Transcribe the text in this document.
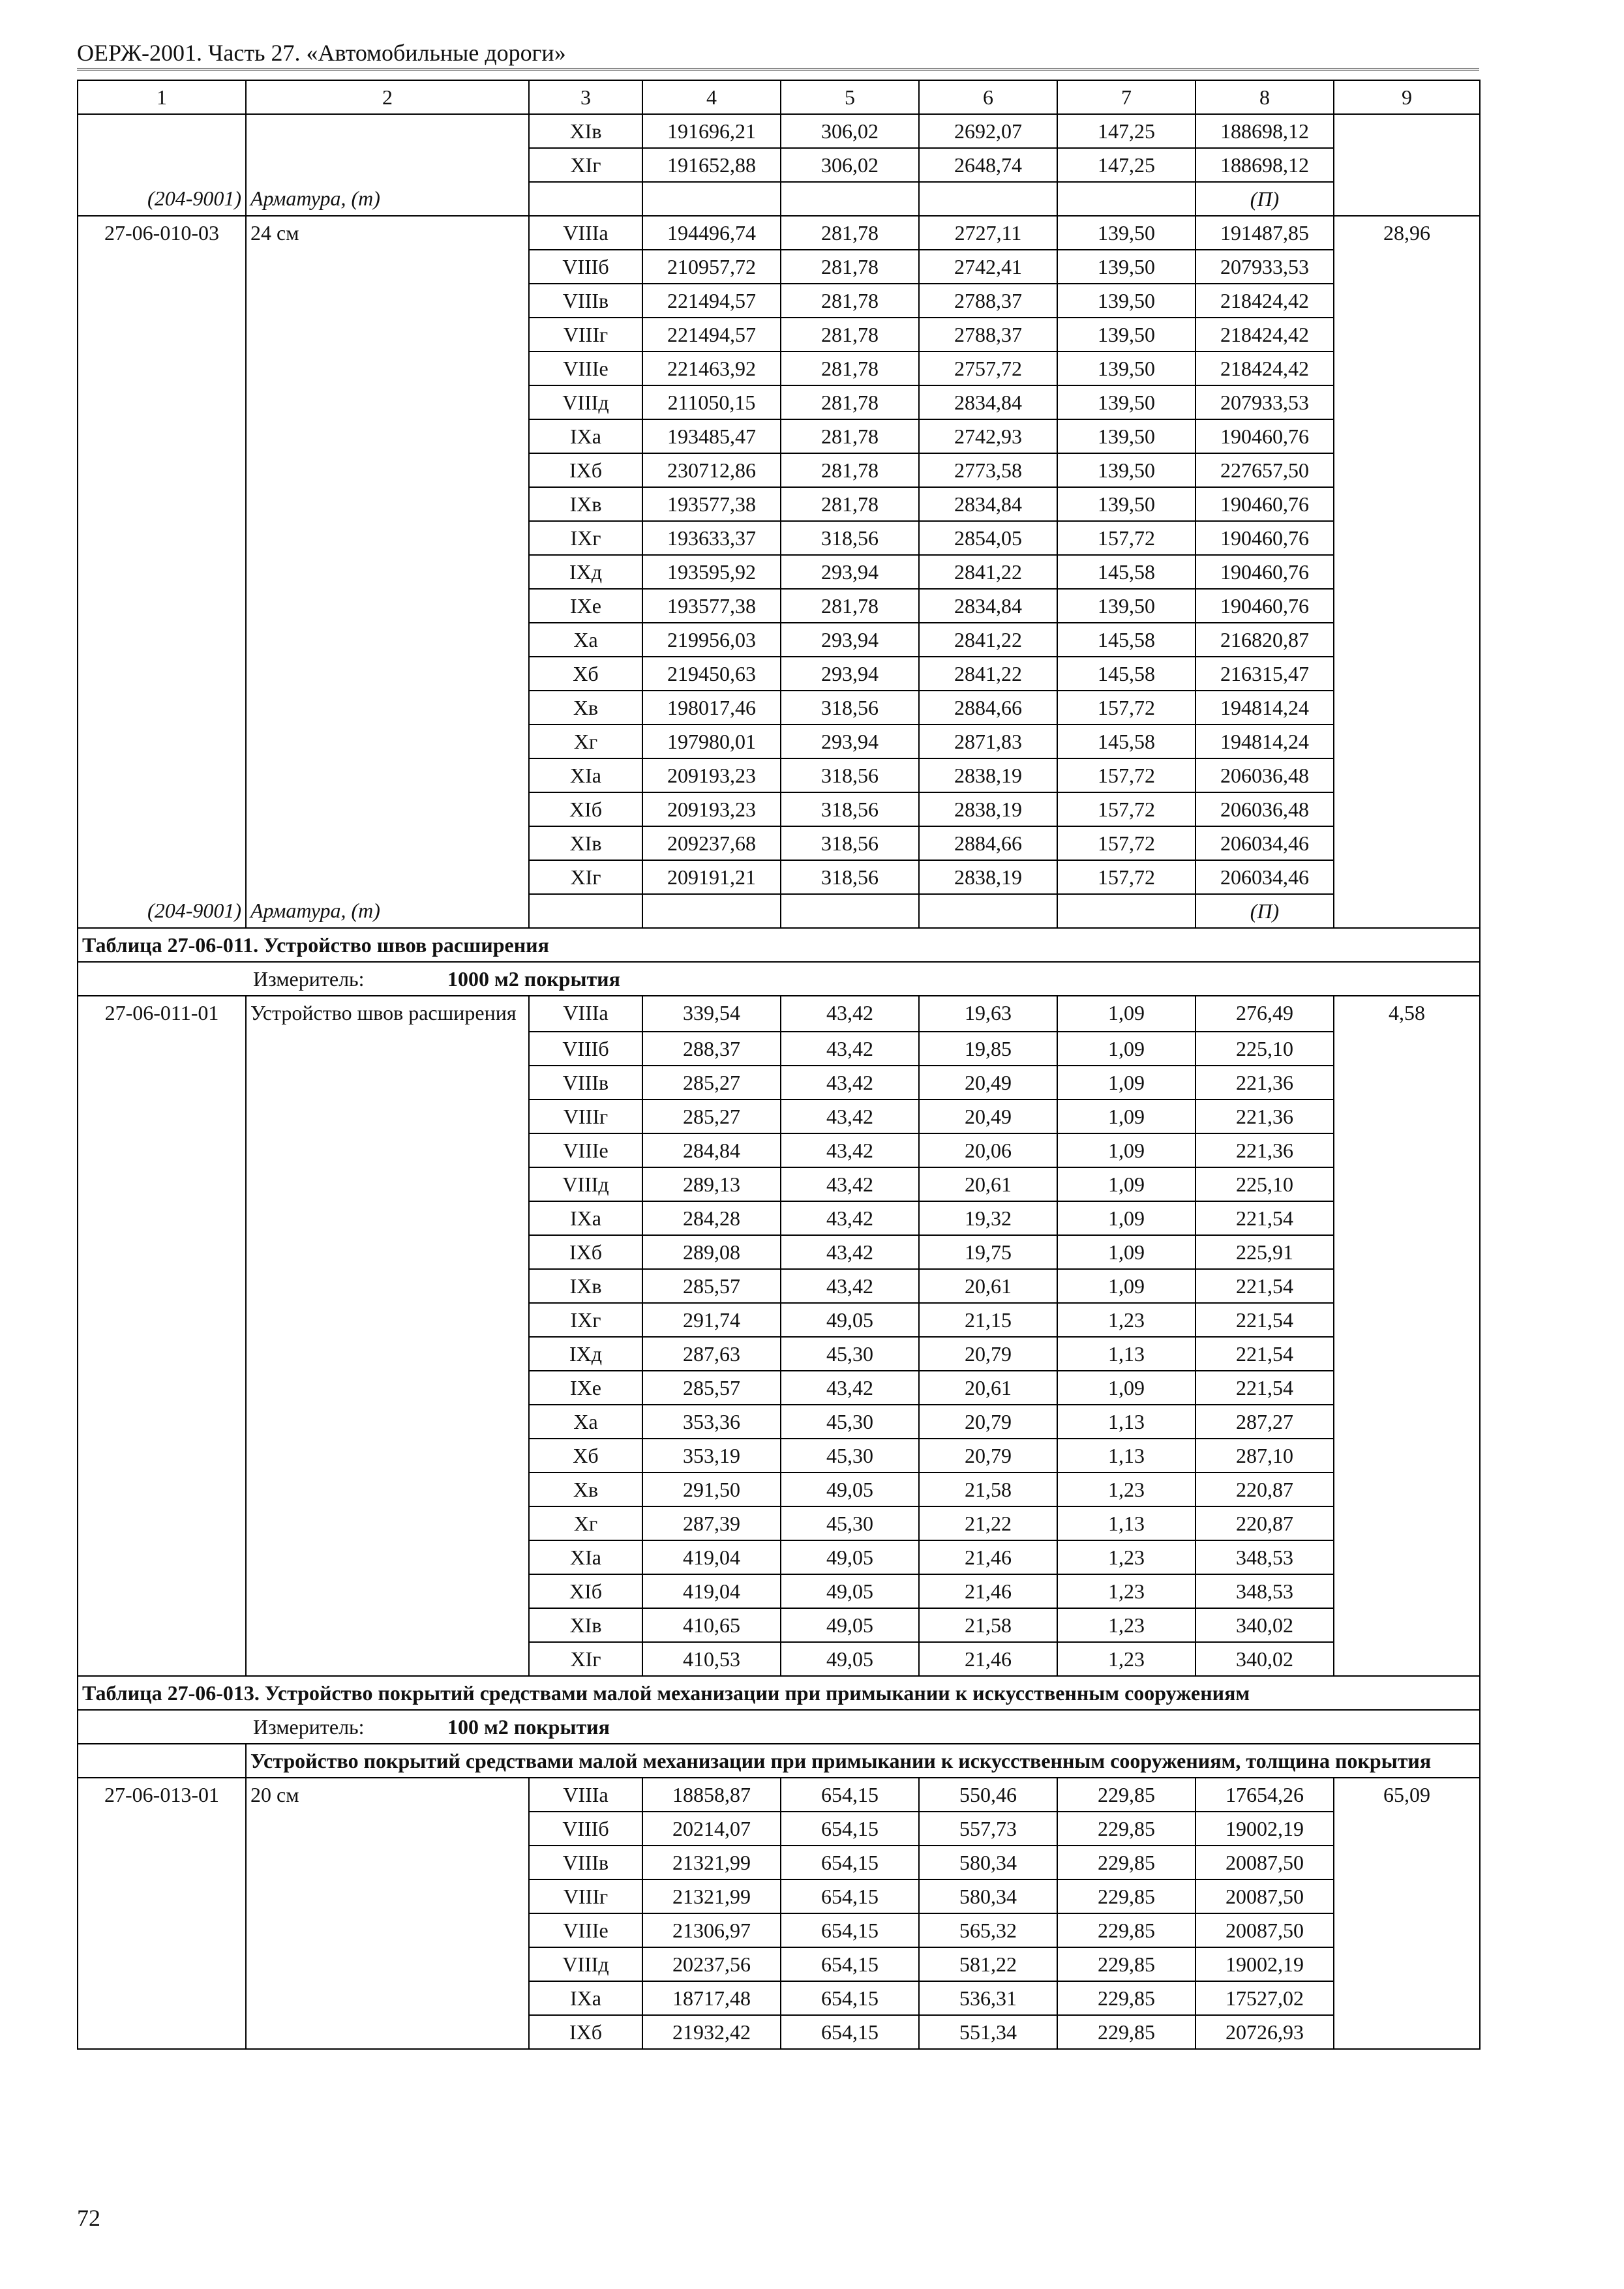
ОЕРЖ-2001. Часть 27. «Автомобильные дороги»
1	2	3	4	5	6	7	8	9
		XIв	191696,21	306,02	2692,07	147,25	188698,12	
		XIг	191652,88	306,02	2648,74	147,25	188698,12	
(204-9001)	Арматура, (т)						(П)	
27-06-010-03	24 см	VIIIа	194496,74	281,78	2727,11	139,50	191487,85	28,96
		VIIIб	210957,72	281,78	2742,41	139,50	207933,53	
		VIIIв	221494,57	281,78	2788,37	139,50	218424,42	
		VIIIг	221494,57	281,78	2788,37	139,50	218424,42	
		VIIIе	221463,92	281,78	2757,72	139,50	218424,42	
		VIIIд	211050,15	281,78	2834,84	139,50	207933,53	
		IXа	193485,47	281,78	2742,93	139,50	190460,76	
		IXб	230712,86	281,78	2773,58	139,50	227657,50	
		IXв	193577,38	281,78	2834,84	139,50	190460,76	
		IXг	193633,37	318,56	2854,05	157,72	190460,76	
		IXд	193595,92	293,94	2841,22	145,58	190460,76	
		IXе	193577,38	281,78	2834,84	139,50	190460,76	
		Xа	219956,03	293,94	2841,22	145,58	216820,87	
		Xб	219450,63	293,94	2841,22	145,58	216315,47	
		Xв	198017,46	318,56	2884,66	157,72	194814,24	
		Xг	197980,01	293,94	2871,83	145,58	194814,24	
		XIа	209193,23	318,56	2838,19	157,72	206036,48	
		XIб	209193,23	318,56	2838,19	157,72	206036,48	
		XIв	209237,68	318,56	2884,66	157,72	206034,46	
		XIг	209191,21	318,56	2838,19	157,72	206034,46	
(204-9001)	Арматура, (т)						(П)	
Таблица 27-06-011. Устройство швов расширения								
Измеритель: 1000 м2 покрытия								
27-06-011-01	Устройство швов расширения	VIIIа	339,54	43,42	19,63	1,09	276,49	4,58
		VIIIб	288,37	43,42	19,85	1,09	225,10	
		VIIIв	285,27	43,42	20,49	1,09	221,36	
		VIIIг	285,27	43,42	20,49	1,09	221,36	
		VIIIе	284,84	43,42	20,06	1,09	221,36	
		VIIIд	289,13	43,42	20,61	1,09	225,10	
		IXа	284,28	43,42	19,32	1,09	221,54	
		IXб	289,08	43,42	19,75	1,09	225,91	
		IXв	285,57	43,42	20,61	1,09	221,54	
		IXг	291,74	49,05	21,15	1,23	221,54	
		IXд	287,63	45,30	20,79	1,13	221,54	
		IXе	285,57	43,42	20,61	1,09	221,54	
		Xа	353,36	45,30	20,79	1,13	287,27	
		Xб	353,19	45,30	20,79	1,13	287,10	
		Xв	291,50	49,05	21,58	1,23	220,87	
		Xг	287,39	45,30	21,22	1,13	220,87	
		XIа	419,04	49,05	21,46	1,23	348,53	
		XIб	419,04	49,05	21,46	1,23	348,53	
		XIв	410,65	49,05	21,58	1,23	340,02	
		XIг	410,53	49,05	21,46	1,23	340,02	
Таблица 27-06-013. Устройство покрытий средствами малой механизации при примыкании к искусственным сооружениям								
Измеритель: 100 м2 покрытия								
	Устройство покрытий средствами малой механизации при примыкании к искусственным сооружениям, толщина покрытия							
27-06-013-01	20 см	VIIIа	18858,87	654,15	550,46	229,85	17654,26	65,09
		VIIIб	20214,07	654,15	557,73	229,85	19002,19	
		VIIIв	21321,99	654,15	580,34	229,85	20087,50	
		VIIIг	21321,99	654,15	580,34	229,85	20087,50	
		VIIIе	21306,97	654,15	565,32	229,85	20087,50	
		VIIIд	20237,56	654,15	581,22	229,85	19002,19	
		IXа	18717,48	654,15	536,31	229,85	17527,02	
		IXб	21932,42	654,15	551,34	229,85	20726,93	
72
